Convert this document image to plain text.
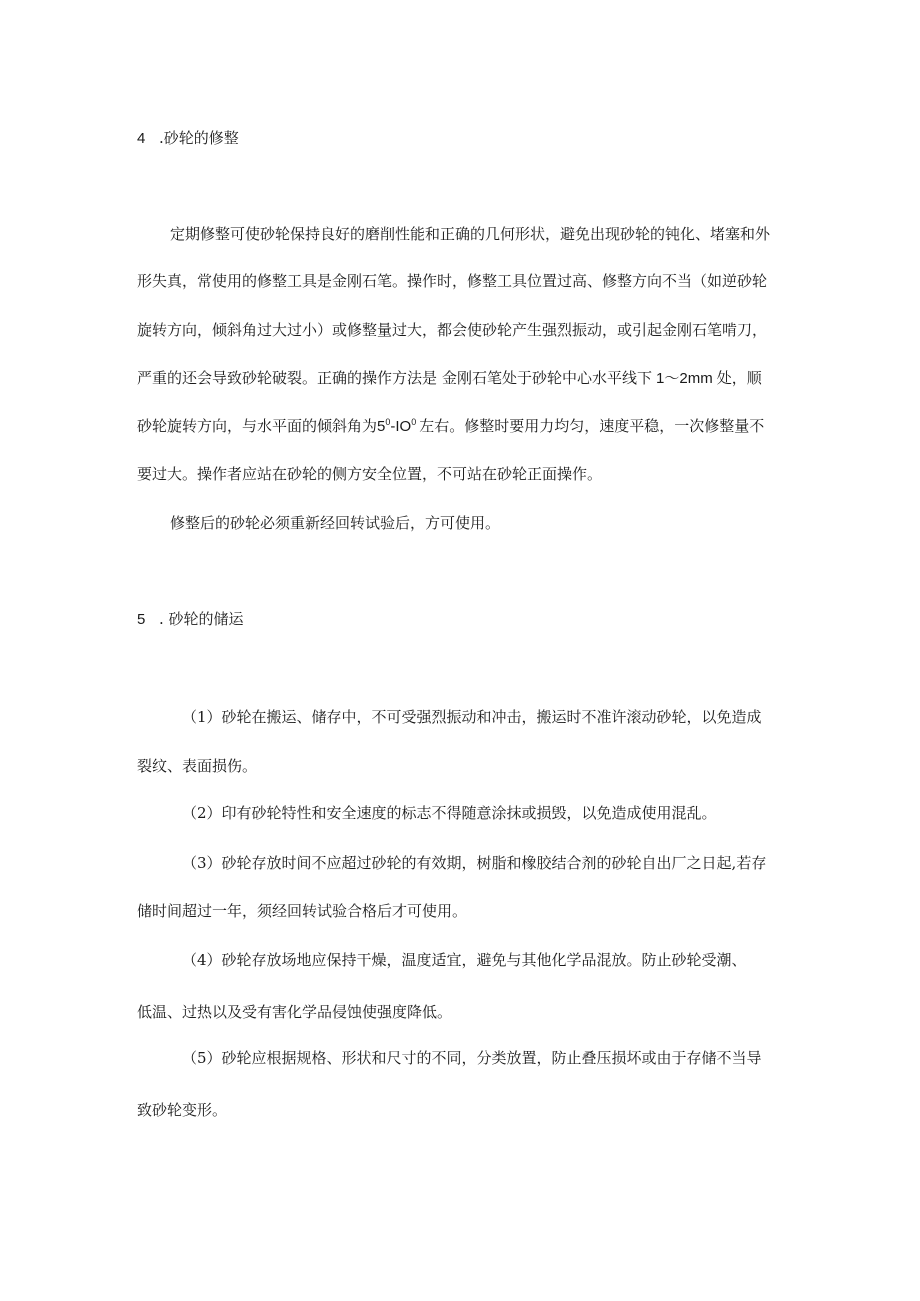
4 .砂轮的修整
定期修整可使砂轮保持良好的磨削性能和正确的几何形状，避免出现砂轮的钝化、堵塞和外
形失真，常使用的修整工具是金刚石笔。操作时，修整工具位置过高、修整方向不当（如逆砂轮
旋转方向，倾斜角过大过小）或修整量过大，都会使砂轮产生强烈振动，或引起金刚石笔啃刀，
严重的还会导致砂轮破裂。正确的操作方法是 金刚石笔处于砂轮中心水平线下 1～2mm 处，顺
砂轮旋转方向，与水平面的倾斜角为$5^0-IO^0$ 左右。修整时要用力均匀，速度平稳，一次修整量不
要过大。操作者应站在砂轮的侧方安全位置，不可站在砂轮正面操作。
修整后的砂轮必须重新经回转试验后，方可使用。
5 . 砂轮的储运
（1）砂轮在搬运、储存中，不可受强烈振动和冲击，搬运时不准许滚动砂轮，以免造成
裂纹、表面损伤。
（2）印有砂轮特性和安全速度的标志不得随意涂抹或损毁，以免造成使用混乱。
（3）砂轮存放时间不应超过砂轮的有效期，树脂和橡胶结合剂的砂轮自出厂之日起,若存
储时间超过一年，须经回转试验合格后才可使用。
（4）砂轮存放场地应保持干燥，温度适宜，避免与其他化学品混放。防止砂轮受潮、
低温、过热以及受有害化学品侵蚀使强度降低。
（5）砂轮应根据规格、形状和尺寸的不同，分类放置，防止叠压损坏或由于存储不当导
致砂轮变形。
